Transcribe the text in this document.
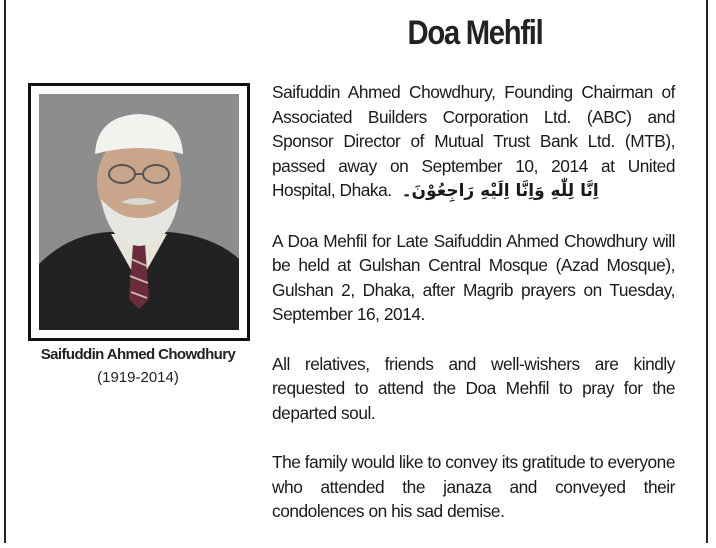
Doa Mehfil
Saifuddin Ahmed Chowdhury
(1919-2014)

Saifuddin Ahmed Chowdhury, Founding Chairman of Associated Builders Corporation Ltd. (ABC) and Sponsor Director of Mutual Trust Bank Ltd. (MTB), passed away on September 10, 2014 at United Hospital, Dhaka. اِنَّا لِلّٰهِ وَاِنَّا اِلَيْهِ رَاجِعُوْنَ۔

A Doa Mehfil for Late Saifuddin Ahmed Chowdhury will be held at Gulshan Central Mosque (Azad Mosque), Gulshan 2, Dhaka, after Magrib prayers on Tuesday, September 16, 2014.

All relatives, friends and well-wishers are kindly requested to attend the Doa Mehfil to pray for the departed soul.

The family would like to convey its gratitude to everyone who attended the janaza and conveyed their condolences on his sad demise.
